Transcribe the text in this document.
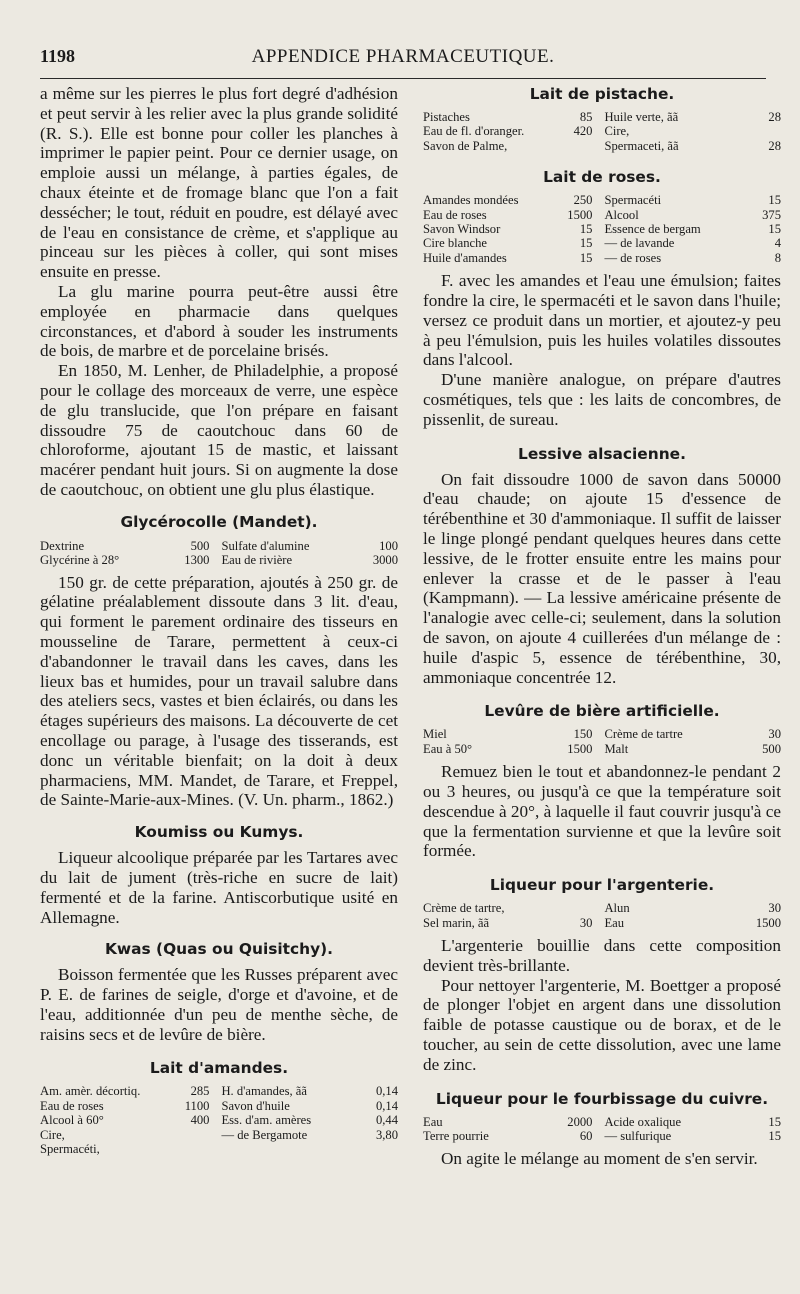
1198	APPENDICE PHARMACEUTIQUE.

a même sur les pierres le plus fort degré d'adhésion et peut servir à les relier avec la plus grande solidité (R. S.). Elle est bonne pour coller les planches à imprimer le papier peint. Pour ce dernier usage, on emploie aussi un mélange, à parties égales, de chaux éteinte et de fromage blanc que l'on a fait dessécher; le tout, réduit en poudre, est délayé avec de l'eau en consistance de crème, et s'applique au pinceau sur les pièces à coller, qui sont mises ensuite en presse.

La glu marine pourra peut-être aussi être employée en pharmacie dans quelques circonstances, et d'abord à souder les instruments de bois, de marbre et de porcelaine brisés.

En 1850, M. Lenher, de Philadelphie, a proposé pour le collage des morceaux de verre, une espèce de glu translucide, que l'on prépare en faisant dissoudre 75 de caoutchouc dans 60 de chloroforme, ajoutant 15 de mastic, et laissant macérer pendant huit jours. Si on augmente la dose de caoutchouc, on obtient une glu plus élastique.

Glycérocolle (Mandet).
Dextrine	500	Sulfate d'alumine	100
Glycérine à 28°	1300	Eau de rivière	3000

150 gr. de cette préparation, ajoutés à 250 gr. de gélatine préalablement dissoute dans 3 lit. d'eau, qui forment le parement ordinaire des tisseurs en mousseline de Tarare, permettent à ceux-ci d'abandonner le travail dans les caves, dans les lieux bas et humides, pour un travail salubre dans des ateliers secs, vastes et bien éclairés, ou dans les étages supérieurs des maisons. La découverte de cet encollage ou parage, à l'usage des tisserands, est donc un véritable bienfait; on la doit à deux pharmaciens, MM. Mandet, de Tarare, et Freppel, de Sainte-Marie-aux-Mines. (V. Un. pharm., 1862.)

Koumiss ou Kumys.

Liqueur alcoolique préparée par les Tartares avec du lait de jument (très-riche en sucre de lait) fermenté et de la farine. Antiscorbutique usité en Allemagne.

Kwas (Quas ou Quisitchy).

Boisson fermentée que les Russes préparent avec P. E. de farines de seigle, d'orge et d'avoine, et de l'eau, additionnée d'un peu de menthe sèche, de raisins secs et de levûre de bière.

Lait d'amandes.
Am. amèr. décortiq.	285	H. d'amandes, ãã	0,14
Eau de roses	1100	Savon d'huile	0,14
Alcool à 60°	400	Ess. d'am. amères	0,44
Cire,		— de Bergamote	3,80
Spermacéti,			
Lait de pistache.
Pistaches	85	Huile verte, ãã	28
Eau de fl. d'oranger.	420	Cire,	
Savon de Palme,		Spermaceti, ãã	28
Lait de roses.
Amandes mondées	250	Spermacéti	15
Eau de roses	1500	Alcool	375
Savon Windsor	15	Essence de bergam	15
Cire blanche	15	— de lavande	4
Huile d'amandes	15	— de roses	8

F. avec les amandes et l'eau une émulsion; faites fondre la cire, le spermacéti et le savon dans l'huile; versez ce produit dans un mortier, et ajoutez-y peu à peu l'émulsion, puis les huiles volatiles dissoutes dans l'alcool.

D'une manière analogue, on prépare d'autres cosmétiques, tels que : les laits de concombres, de pissenlit, de sureau.

Lessive alsacienne.

On fait dissoudre 1000 de savon dans 50000 d'eau chaude; on ajoute 15 d'essence de térébenthine et 30 d'ammoniaque. Il suffit de laisser le linge plongé pendant quelques heures dans cette lessive, de le frotter ensuite entre les mains pour enlever la crasse et de le passer à l'eau (Kampmann). — La lessive américaine présente de l'analogie avec celle-ci; seulement, dans la solution de savon, on ajoute 4 cuillerées d'un mélange de : huile d'aspic 5, essence de térébenthine, 30, ammoniaque concentrée 12.

Levûre de bière artificielle.
Miel	150	Crème de tartre	30
Eau à 50°	1500	Malt	500

Remuez bien le tout et abandonnez-le pendant 2 ou 3 heures, ou jusqu'à ce que la température soit descendue à 20°, à laquelle il faut couvrir jusqu'à ce que la fermentation survienne et que la levûre soit formée.

Liqueur pour l'argenterie.
Crème de tartre,		Alun	30
Sel marin, ãã	30	Eau	1500

L'argenterie bouillie dans cette composition devient très-brillante.

Pour nettoyer l'argenterie, M. Boettger a proposé de plonger l'objet en argent dans une dissolution faible de potasse caustique ou de borax, et de le toucher, au sein de cette dissolution, avec une lame de zinc.

Liqueur pour le fourbissage du cuivre.
Eau	2000	Acide oxalique	15
Terre pourrie	60	— sulfurique	15

On agite le mélange au moment de s'en servir.
